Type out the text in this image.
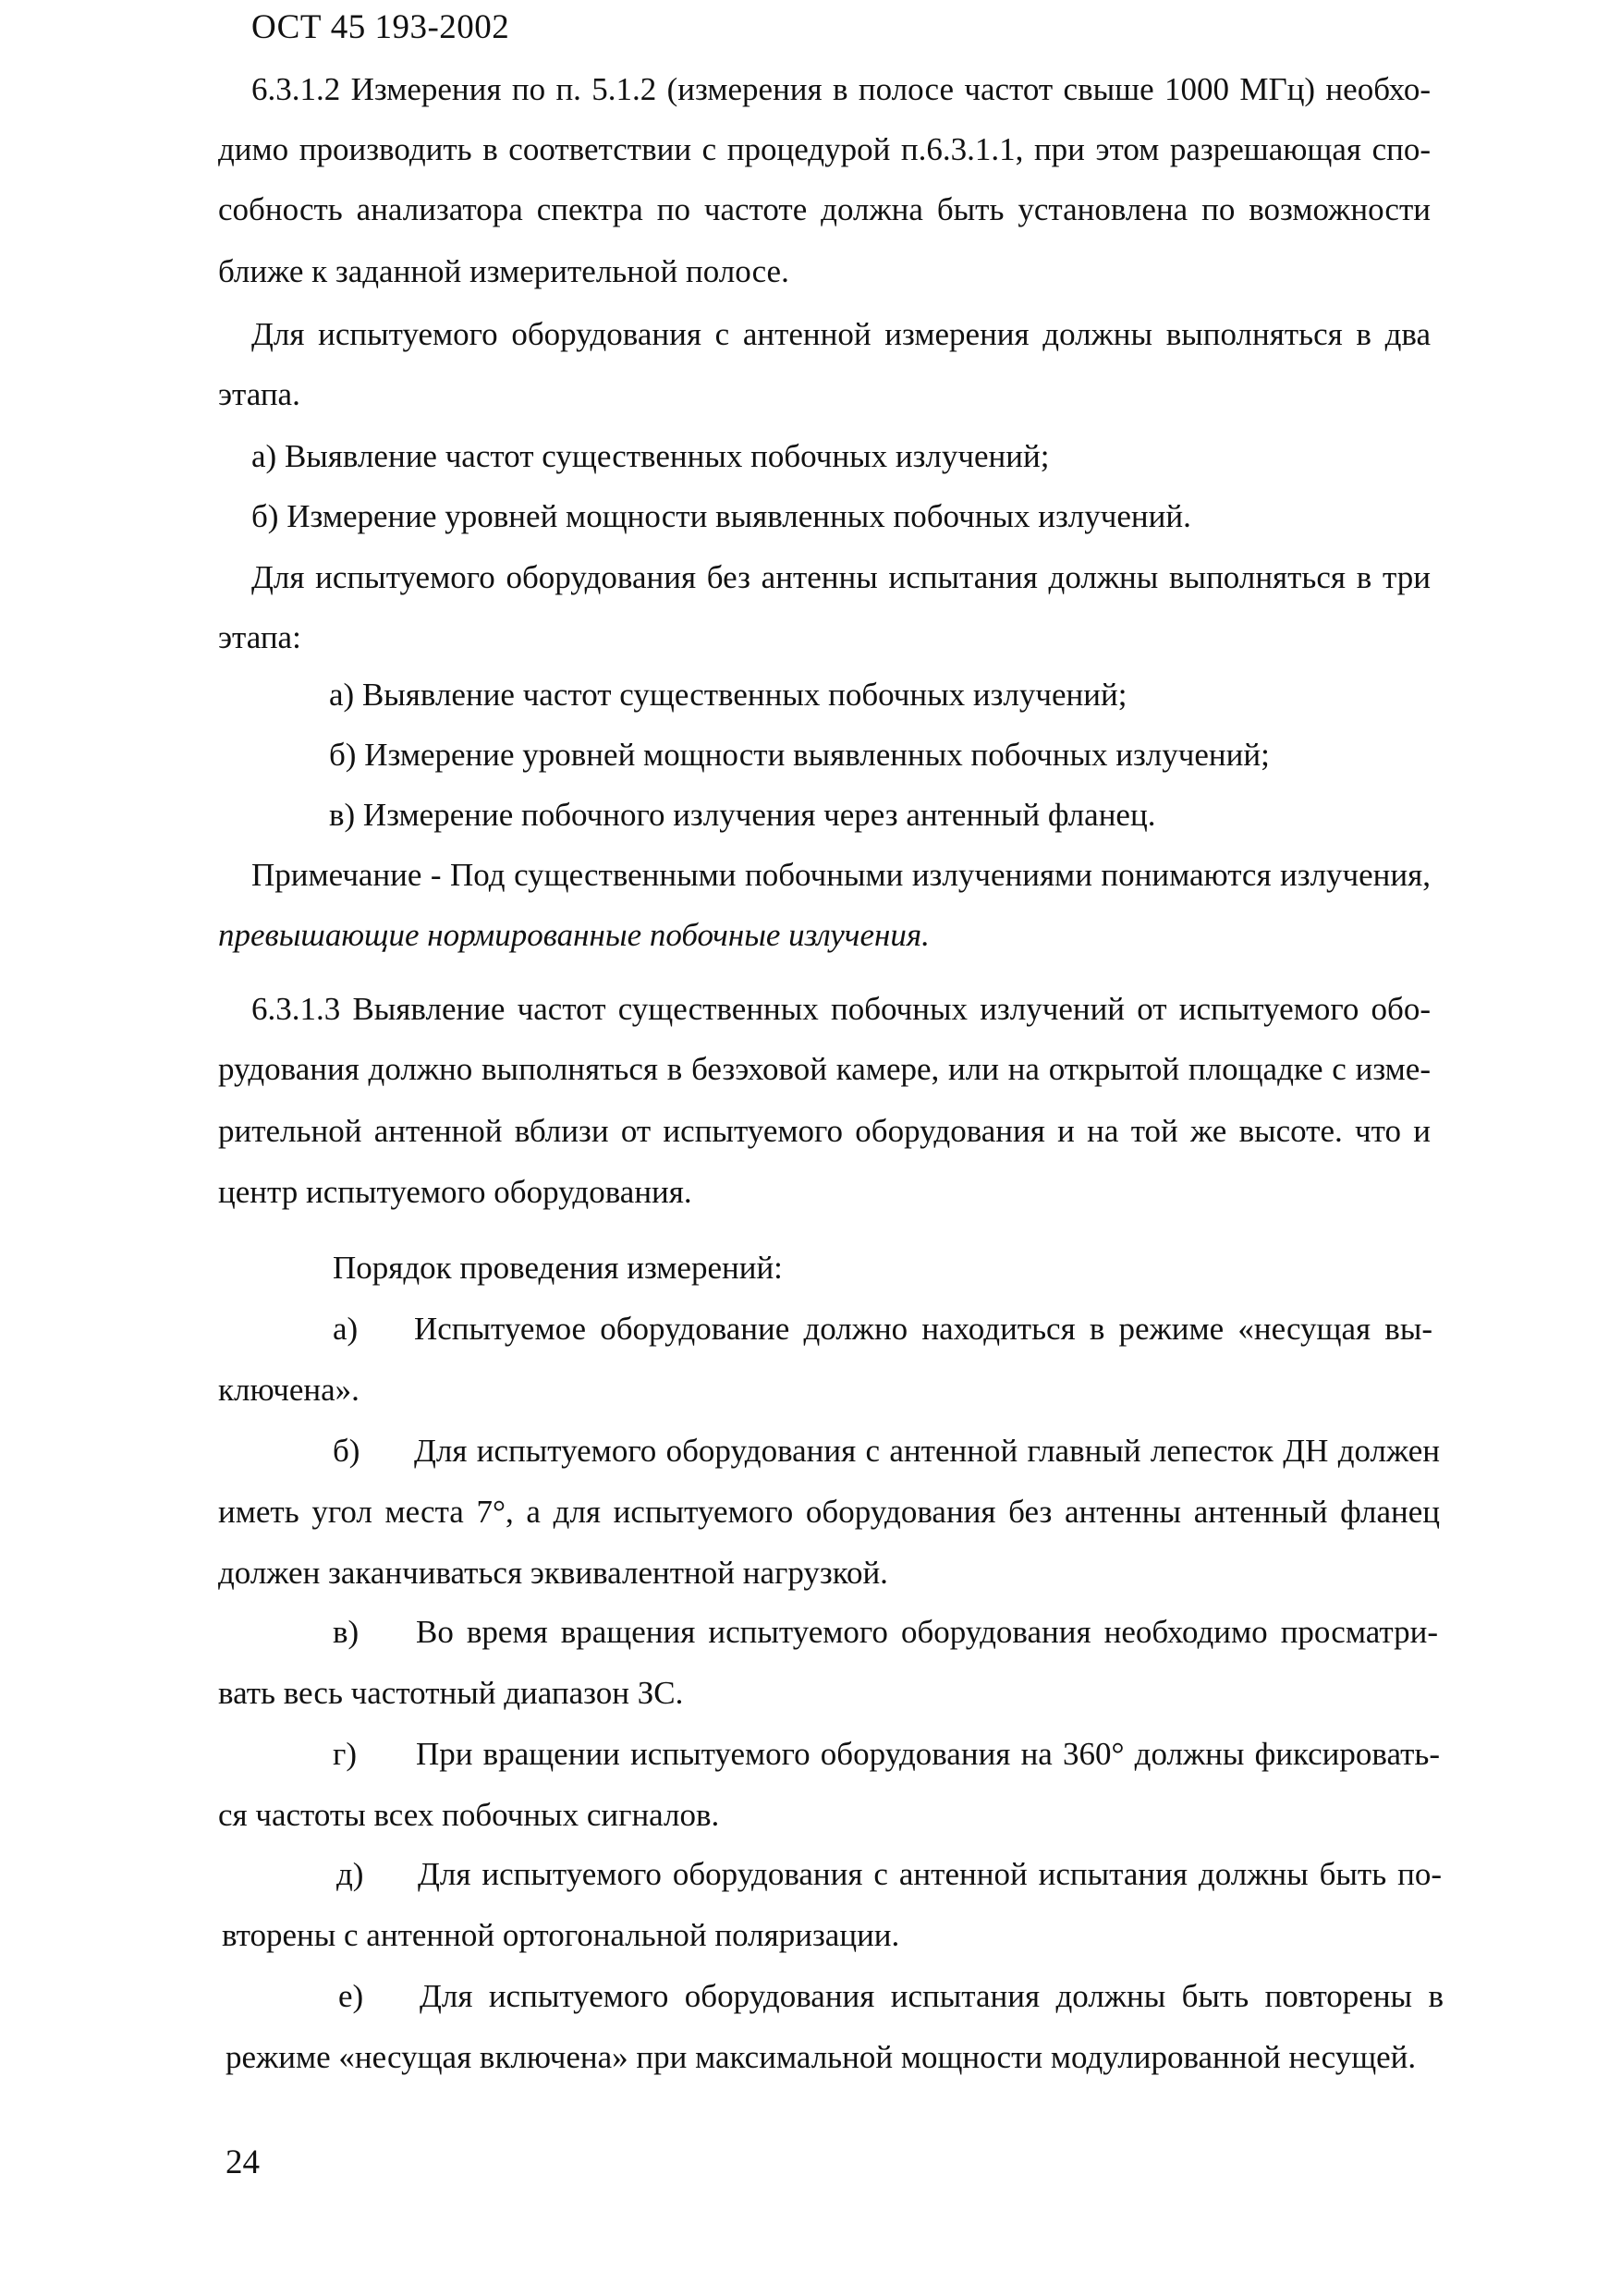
ОСТ 45 193-2002
6.3.1.2 Измерения по п. 5.1.2 (измерения в полосе частот свыше 1000 МГц) необхо-
димо производить в соответствии с процедурой п.6.3.1.1, при этом разрешающая спо-
собность анализатора спектра по частоте должна быть установлена по возможности
ближе к заданной измерительной полосе.
Для испытуемого оборудования с антенной измерения должны выполняться в два
этапа.
а) Выявление частот существенных побочных излучений;
б) Измерение уровней мощности выявленных побочных излучений.
Для испытуемого оборудования без антенны испытания должны выполняться в три
этапа:
а) Выявление частот существенных побочных излучений;
б) Измерение уровней мощности выявленных побочных излучений;
в) Измерение побочного излучения через антенный фланец.
Примечание - Под существенными побочными излучениями понимаются излучения,
превышающие нормированные побочные излучения.
6.3.1.3 Выявление частот существенных побочных излучений от испытуемого обо-
рудования должно выполняться в безэховой камере, или на открытой площадке с изме-
рительной антенной вблизи от испытуемого оборудования и на той же высоте. что и
центр испытуемого оборудования.
Порядок проведения измерений:
а) Испытуемое оборудование должно находиться в режиме «несущая вы-
ключена».
б) Для испытуемого оборудования с антенной главный лепесток ДН должен
иметь угол места 7°, а для испытуемого оборудования без антенны антенный фланец
должен заканчиваться эквивалентной нагрузкой.
в) Во время вращения испытуемого оборудования необходимо просматри-
вать весь частотный диапазон ЗС.
г) При вращении испытуемого оборудования на 360° должны фиксировать-
ся частоты всех побочных сигналов.
д) Для испытуемого оборудования с антенной испытания должны быть по-
вторены с антенной ортогональной поляризации.
е) Для испытуемого оборудования испытания должны быть повторены в
режиме «несущая включена» при максимальной мощности модулированной несущей.
24
